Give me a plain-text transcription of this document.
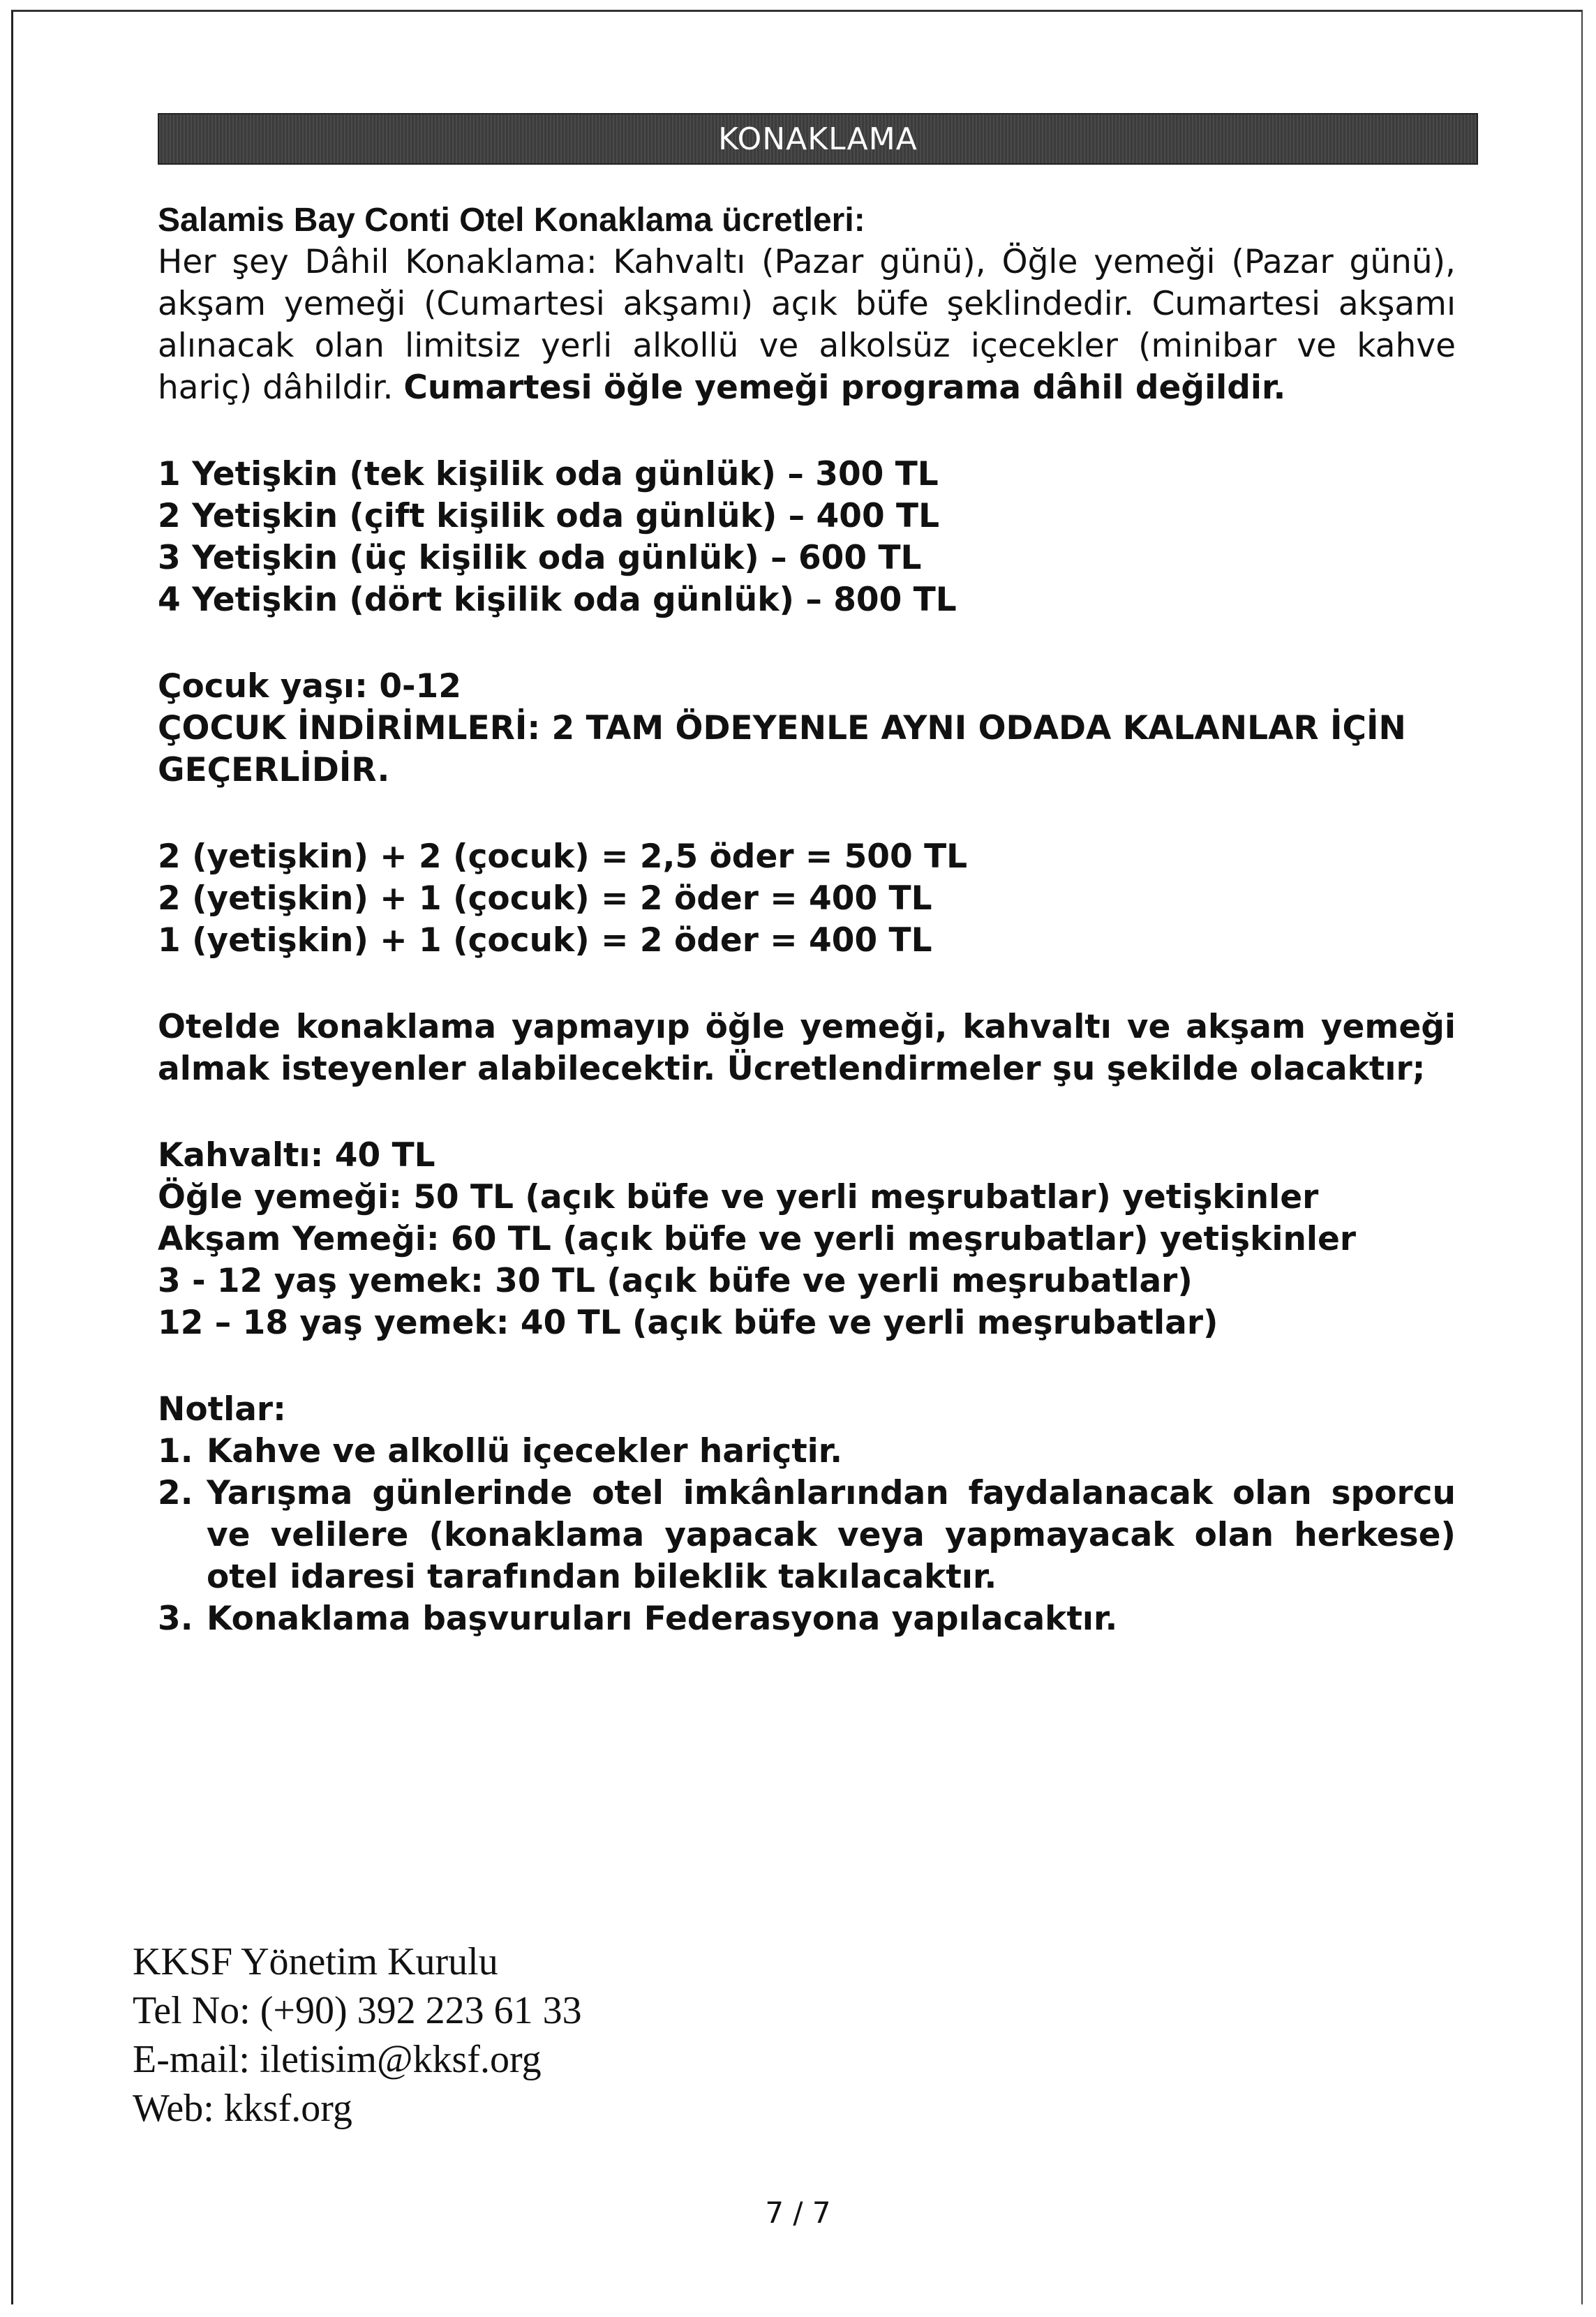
KONAKLAMA

Salamis Bay Conti Otel Konaklama ücretleri:

Her şey Dâhil Konaklama: Kahvaltı (Pazar günü), Öğle yemeği (Pazar günü), akşam yemeği (Cumartesi akşamı) açık büfe şeklindedir. Cumartesi akşamı alınacak olan limitsiz yerli alkollü ve alkolsüz içecekler (minibar ve kahve hariç) dâhildir. Cumartesi öğle yemeği programa dâhil değildir.

1 Yetişkin (tek kişilik oda günlük) – 300 TL

2 Yetişkin (çift kişilik oda günlük) – 400 TL

3 Yetişkin (üç kişilik oda günlük) – 600 TL

4 Yetişkin (dört kişilik oda günlük) – 800 TL

Çocuk yaşı: 0-12

ÇOCUK İNDİRİMLERİ: 2 TAM ÖDEYENLE AYNI ODADA KALANLAR İÇİN GEÇERLİDİR.

2 (yetişkin) + 2 (çocuk) = 2,5 öder = 500 TL

2 (yetişkin) + 1 (çocuk) = 2 öder = 400 TL

1 (yetişkin) + 1 (çocuk) = 2 öder = 400 TL

Otelde konaklama yapmayıp öğle yemeği, kahvaltı ve akşam yemeği almak isteyenler alabilecektir. Ücretlendirmeler şu şekilde olacaktır;

Kahvaltı: 40 TL

Öğle yemeği: 50 TL (açık büfe ve yerli meşrubatlar) yetişkinler

Akşam Yemeği: 60 TL (açık büfe ve yerli meşrubatlar) yetişkinler

3 - 12 yaş yemek: 30 TL (açık büfe ve yerli meşrubatlar)

12 – 18 yaş yemek: 40 TL (açık büfe ve yerli meşrubatlar)

Notlar:

1. Kahve ve alkollü içecekler hariçtir.
2. Yarışma günlerinde otel imkânlarından faydalanacak olan sporcu ve velilere (konaklama yapacak veya yapmayacak olan herkese) otel idaresi tarafından bileklik takılacaktır.
3. Konaklama başvuruları Federasyona yapılacaktır.

KKSF Yönetim Kurulu

Tel No: (+90) 392 223 61 33

E-mail: iletisim@kksf.org

Web: kksf.org

7 / 7
